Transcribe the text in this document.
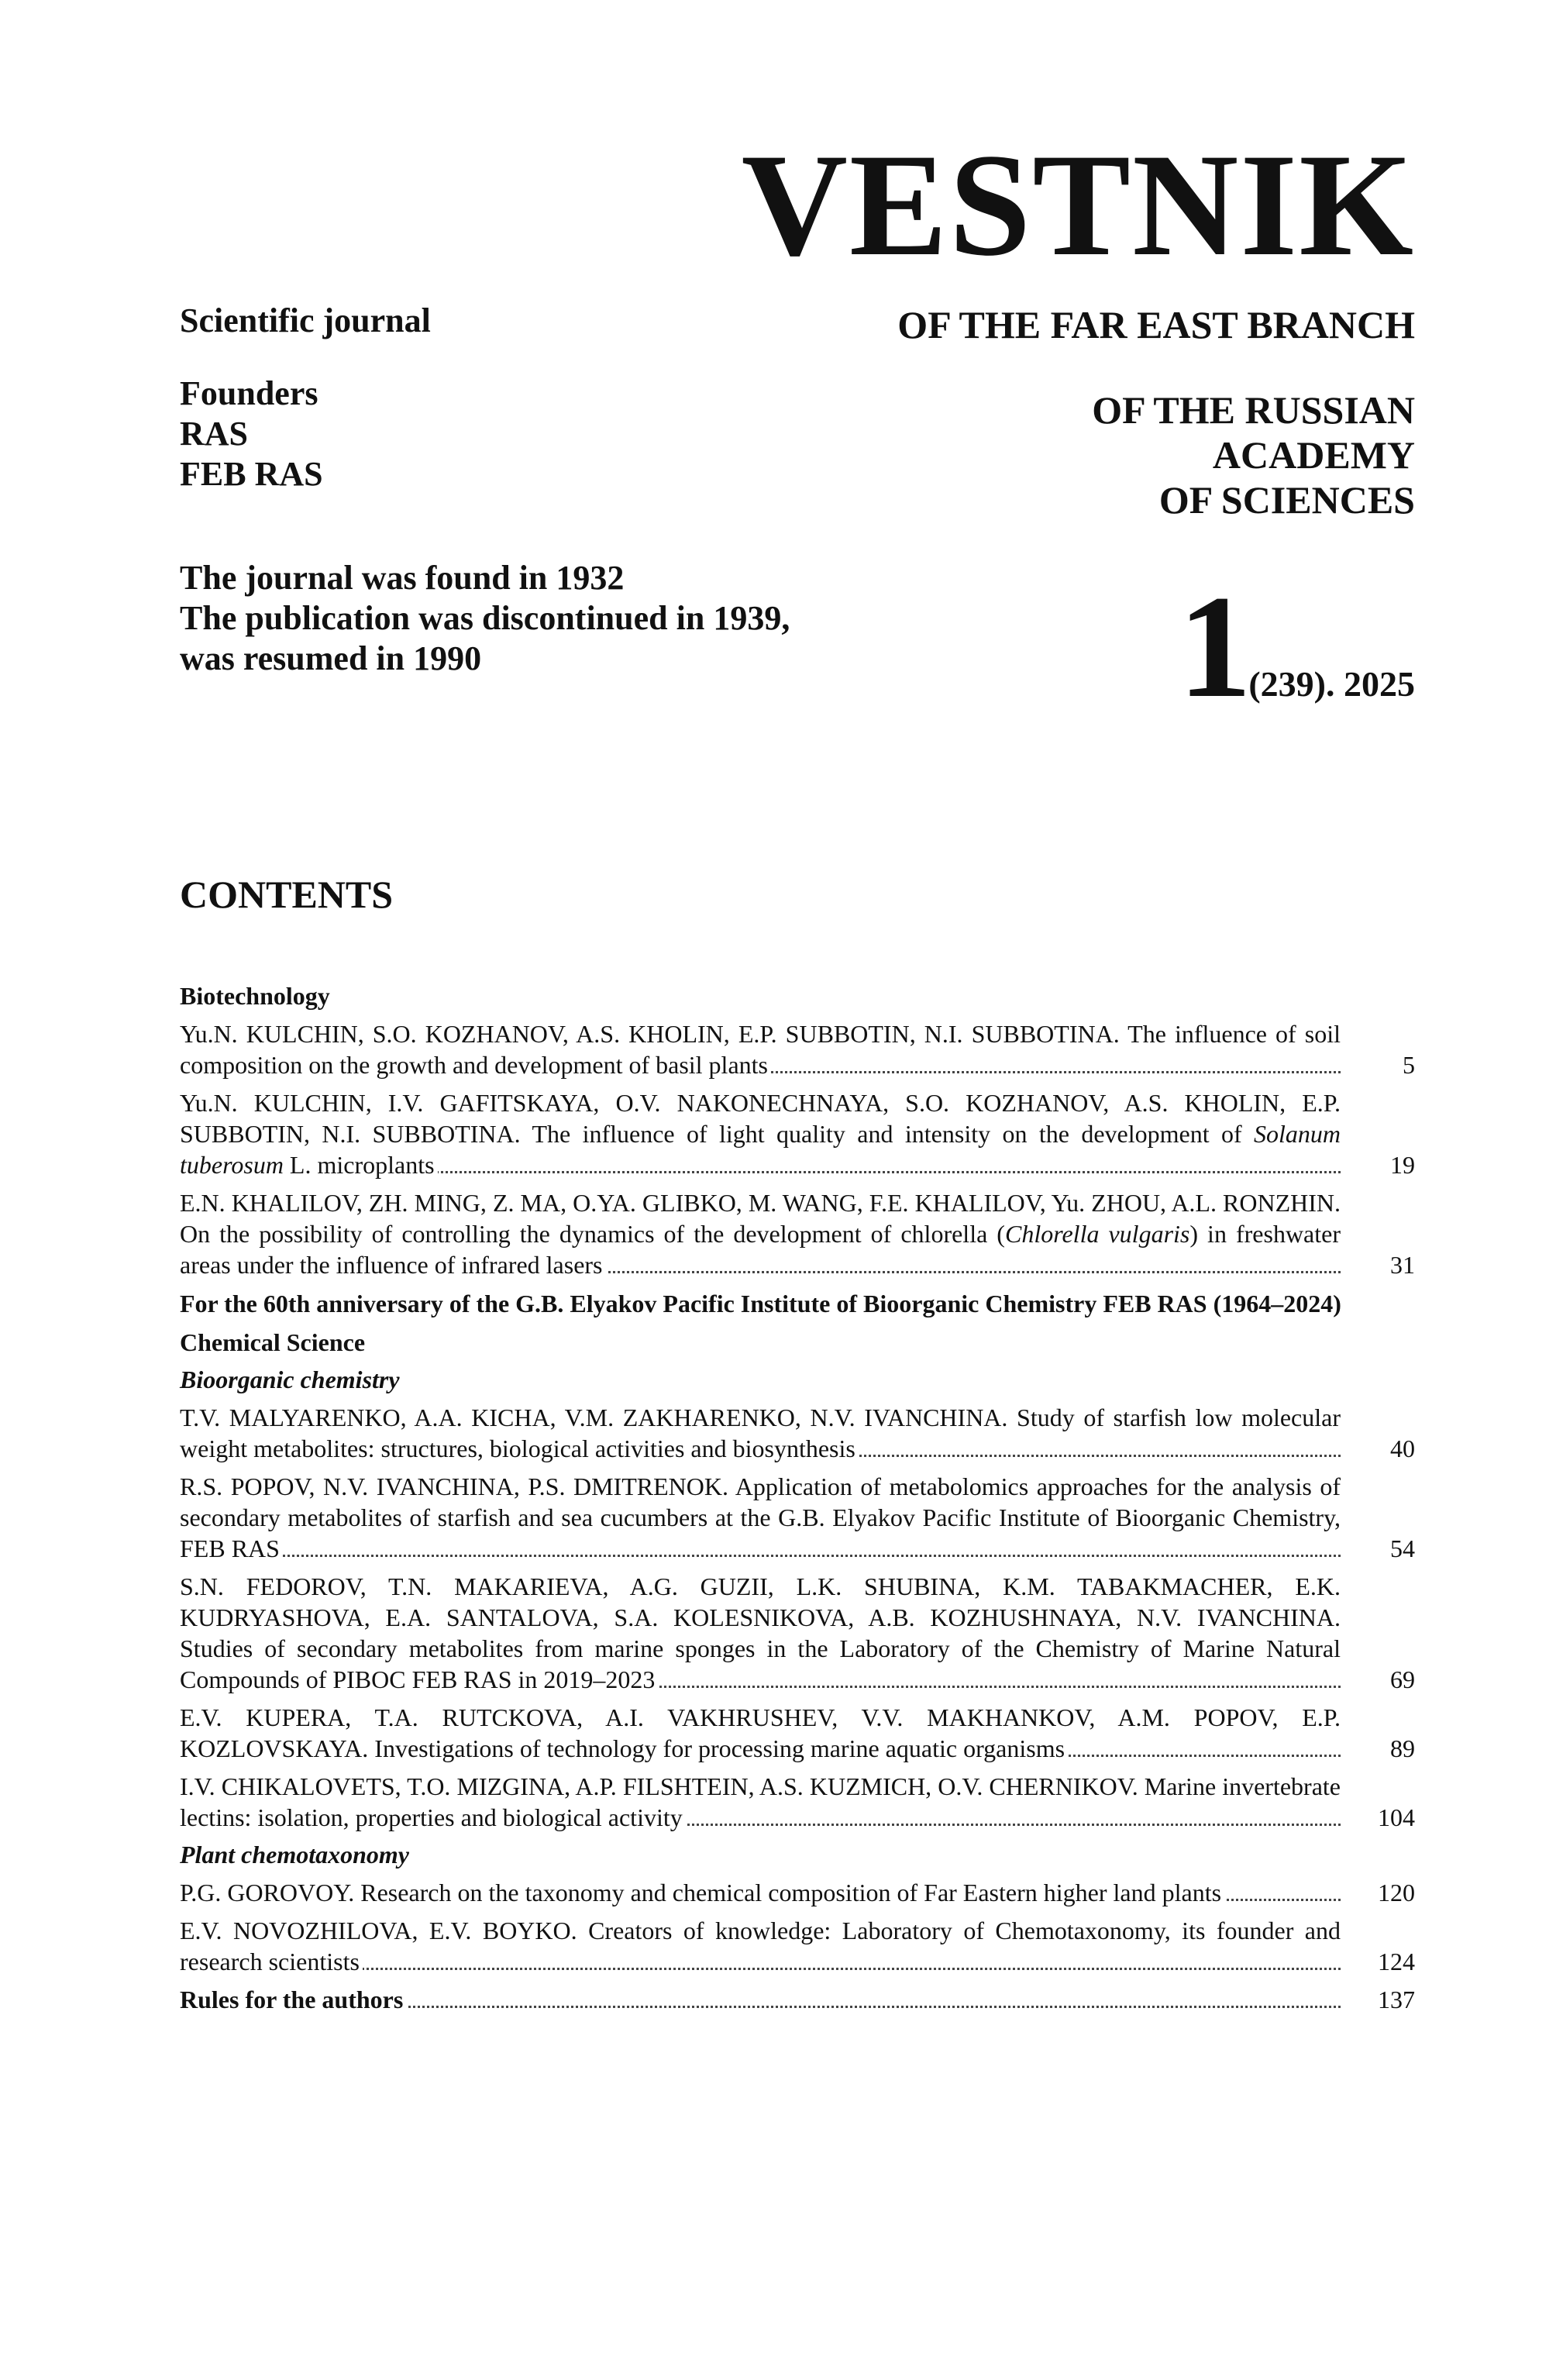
VESTNIK
Scientific journal	OF THE FAR EAST BRANCH
Founders
RAS
FEB RAS
OF THE RUSSIAN
ACADEMY
OF SCIENCES
The journal was found in 1932
The publication was discontinued in 1939,
was resumed in 1990	1(239). 2025
CONTENTS
Biotechnology
Yu.N. KULCHIN, S.O. KOZHANOV, A.S. KHOLIN, E.P. SUBBOTIN, N.I. SUBBOTINA. The influence of soil composition on the growth and development of basil plants	5
Yu.N. KULCHIN, I.V. GAFITSKAYA, O.V. NAKONECHNAYA, S.O. KOZHANOV, A.S. KHOLIN, E.P. SUBBOTIN, N.I. SUBBOTINA. The influence of light quality and intensity on the development of Solanum tuberosum L. microplants	19
E.N. KHALILOV, ZH. MING, Z. MA, O.YA. GLIBKO, M. WANG, F.E. KHALILOV, Yu. ZHOU, A.L. RONZHIN. On the possibility of controlling the dynamics of the development of chlorella (Chlorella vulgaris) in freshwater areas under the influence of infrared lasers	31
For the 60th anniversary of the G.B. Elyakov Pacific Institute of Bioorganic Chemistry FEB RAS (1964–2024)
Chemical Science
Bioorganic chemistry
T.V. MALYARENKO, A.A. KICHA, V.M. ZAKHARENKO, N.V. IVANCHINA. Study of starfish low molecular weight metabolites: structures, biological activities and biosynthesis	40
R.S. POPOV, N.V. IVANCHINA, P.S. DMITRENOK. Application of metabolomics approaches for the analysis of secondary metabolites of starfish and sea cucumbers at the G.B. Elyakov Pacific Institute of Bioorganic Chemistry, FEB RAS	54
S.N. FEDOROV, T.N. MAKARIEVA, A.G. GUZII, L.K. SHUBINA, K.M. TABAKMACHER, E.K. KUDRYASHOVA, E.A. SANTALOVA, S.A. KOLESNIKOVA, A.B. KOZHUSHNAYA, N.V. IVANCHINA. Studies of secondary metabolites from marine sponges in the Laboratory of the Chemistry of Marine Natural Compounds of PIBOC FEB RAS in 2019–2023	69
E.V. KUPERA, T.A. RUTCKOVA, A.I. VAKHRUSHEV, V.V. MAKHANKOV, A.M. POPOV, E.P. KOZLOVSKAYA. Investigations of technology for processing marine aquatic organisms	89
I.V. CHIKALOVETS, T.O. MIZGINA, A.P. FILSHTEIN, A.S. KUZMICH, O.V. CHERNIKOV. Marine invertebrate lectins: isolation, properties and biological activity	104
Plant chemotaxonomy
P.G. GOROVOY. Research on the taxonomy and chemical composition of Far Eastern higher land plants	120
E.V. NOVOZHILOVA, E.V. BOYKO. Creators of knowledge: Laboratory of Chemotaxonomy, its founder and research scientists	124
Rules for the authors	137
